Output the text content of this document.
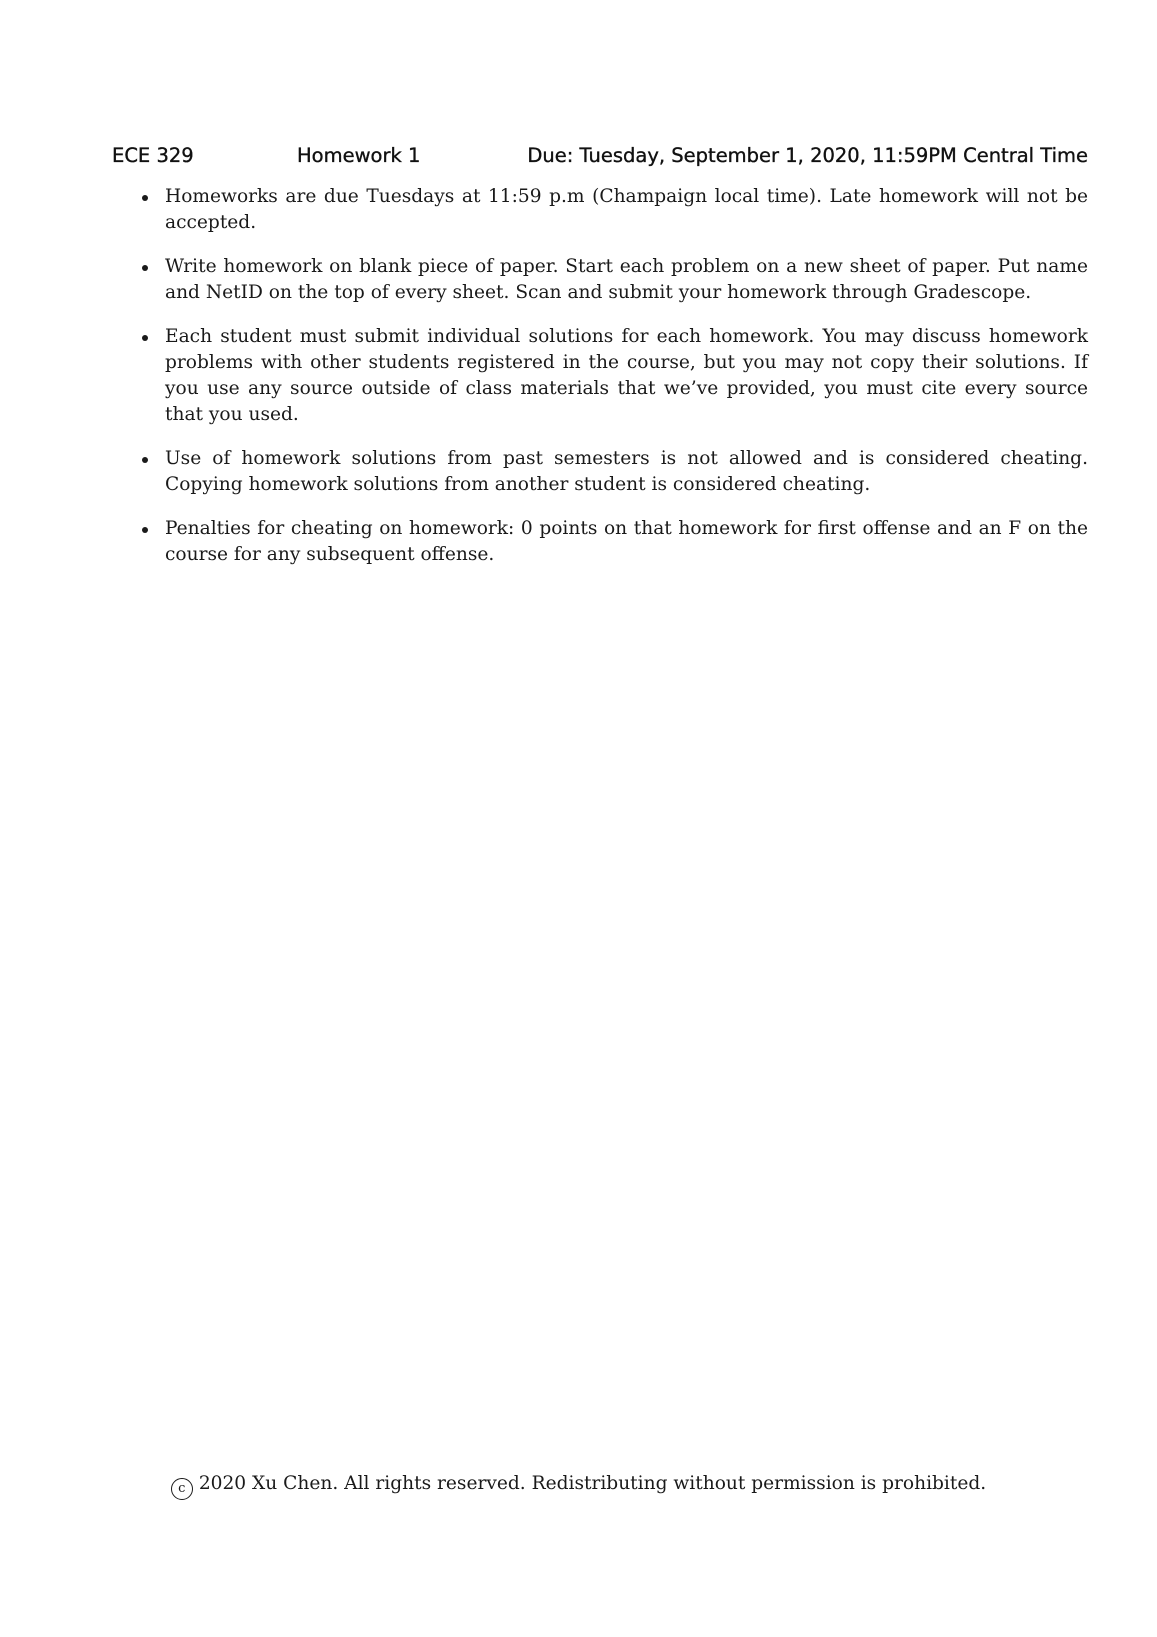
ECE 329	Homework 1	Due: Tuesday, September 1, 2020, 11:59PM Central Time
Homeworks are due Tuesdays at 11:59 p.m (Champaign local time). Late homework will not be accepted.
Write homework on blank piece of paper. Start each problem on a new sheet of paper. Put name and NetID on the top of every sheet. Scan and submit your homework through Gradescope.
Each student must submit individual solutions for each homework. You may discuss homework problems with other students registered in the course, but you may not copy their solutions. If you use any source outside of class materials that we’ve provided, you must cite every source that you used.
Use of homework solutions from past semesters is not allowed and is considered cheating. Copying homework solutions from another student is considered cheating.
Penalties for cheating on homework: 0 points on that homework for first offense and an F on the course for any subsequent offense.
c 2020 Xu Chen. All rights reserved. Redistributing without permission is prohibited.
